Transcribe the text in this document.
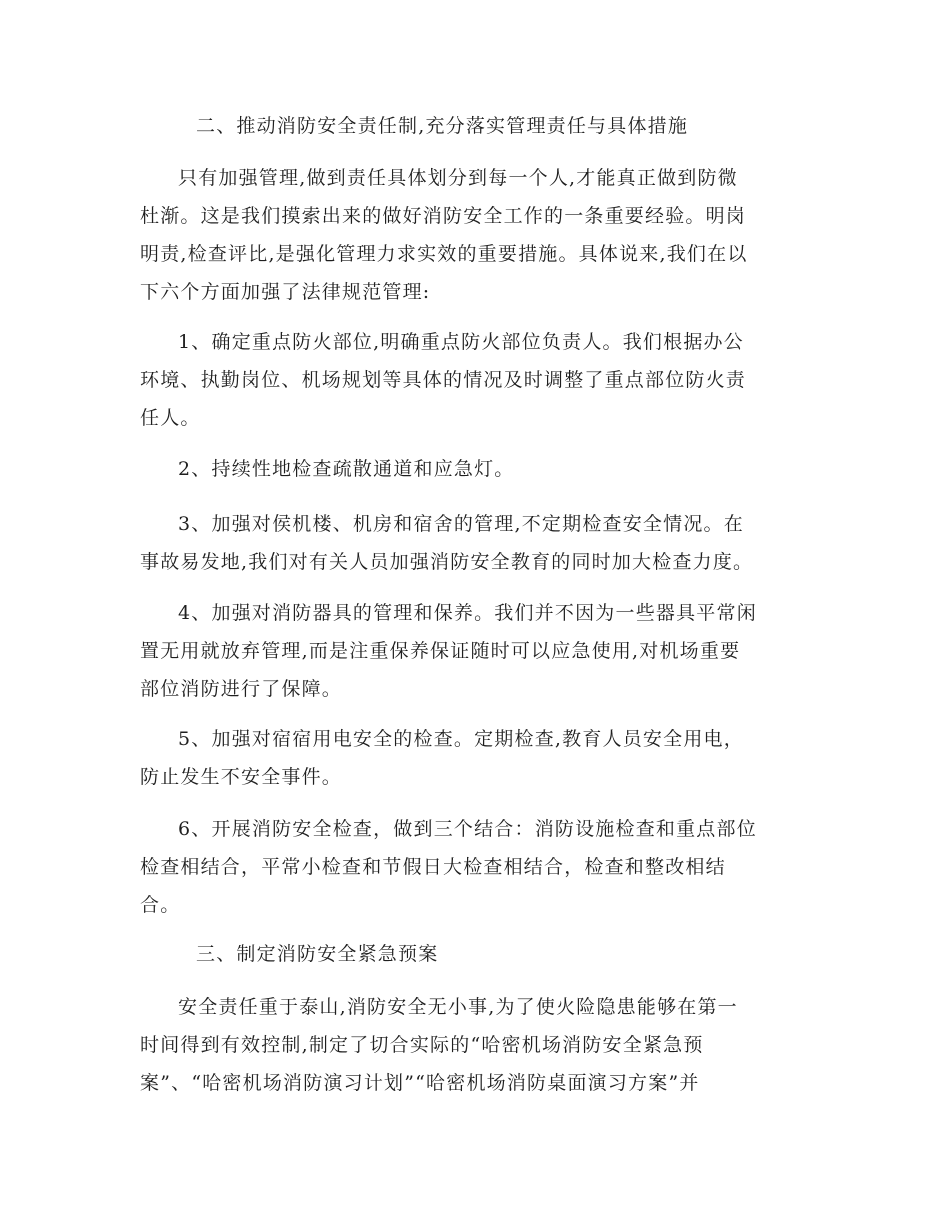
二、推动消防安全责任制,充分落实管理责任与具体措施

只有加强管理,做到责任具体划分到每一个人,才能真正做到防微
杜渐。这是我们摸索出来的做好消防安全工作的一条重要经验。明岗
明责,检查评比,是强化管理力求实效的重要措施。具体说来,我们在以
下六个方面加强了法律规范管理:

1、确定重点防火部位,明确重点防火部位负责人。我们根据办公
环境、执勤岗位、机场规划等具体的情况及时调整了重点部位防火责
任人。

2、持续性地检查疏散通道和应急灯。

3、加强对侯机楼、机房和宿舍的管理,不定期检查安全情况。在
事故易发地,我们对有关人员加强消防安全教育的同时加大检查力度。

4、加强对消防器具的管理和保养。我们并不因为一些器具平常闲
置无用就放弃管理,而是注重保养保证随时可以应急使用,对机场重要
部位消防进行了保障。

5、加强对宿宿用电安全的检查。定期检查,教育人员安全用电，
防止发生不安全事件。

6、开展消防安全检查，做到三个结合：消防设施检查和重点部位
检查相结合，平常小检查和节假日大检查相结合，检查和整改相结
合。

三、制定消防安全紧急预案

安全责任重于泰山,消防安全无小事,为了使火险隐患能够在第一
时间得到有效控制,制定了切合实际的“哈密机场消防安全紧急预
案”、“哈密机场消防演习计划”“哈密机场消防桌面演习方案”并
